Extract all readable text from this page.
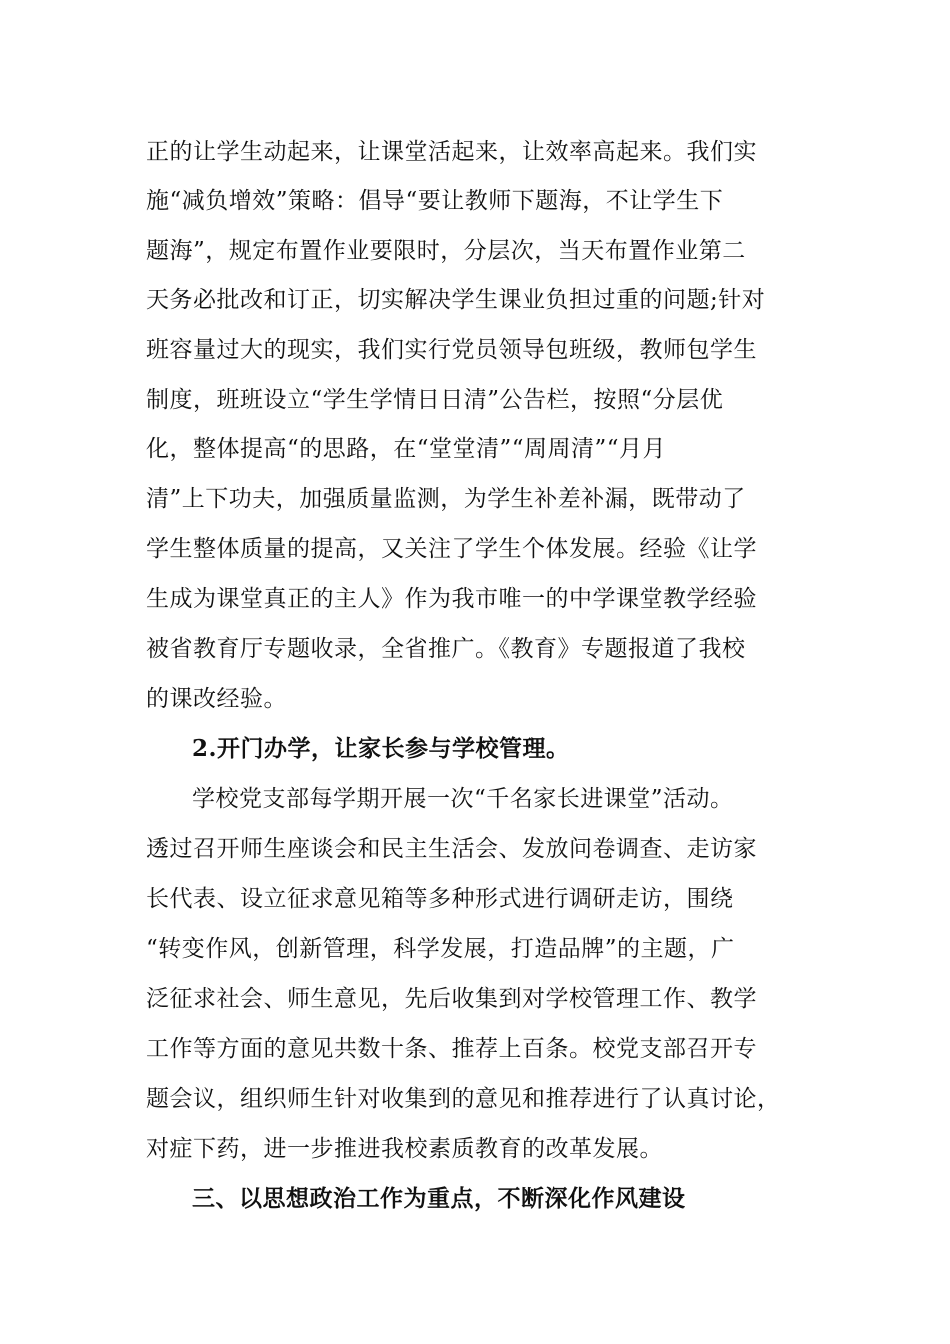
正的让学生动起来，让课堂活起来，让效率高起来。我们实
施“减负增效”策略：倡导“要让教师下题海，不让学生下
题海”，规定布置作业要限时，分层次，当天布置作业第二
天务必批改和订正，切实解决学生课业负担过重的问题;针对
班容量过大的现实，我们实行党员领导包班级，教师包学生
制度，班班设立“学生学情日日清”公告栏，按照“分层优
化，整体提高“的思路，在“堂堂清”“周周清”“月月
清”上下功夫，加强质量监测，为学生补差补漏，既带动了
学生整体质量的提高，又关注了学生个体发展。经验《让学
生成为课堂真正的主人》作为我市唯一的中学课堂教学经验
被省教育厅专题收录，全省推广。《教育》专题报道了我校
的课改经验。
2.开门办学，让家长参与学校管理。
学校党支部每学期开展一次“千名家长进课堂”活动。
透过召开师生座谈会和民主生活会、发放问卷调查、走访家
长代表、设立征求意见箱等多种形式进行调研走访，围绕
“转变作风，创新管理，科学发展，打造品牌”的主题，广
泛征求社会、师生意见，先后收集到对学校管理工作、教学
工作等方面的意见共数十条、推荐上百条。校党支部召开专
题会议，组织师生针对收集到的意见和推荐进行了认真讨论，
对症下药，进一步推进我校素质教育的改革发展。
三、以思想政治工作为重点，不断深化作风建设
